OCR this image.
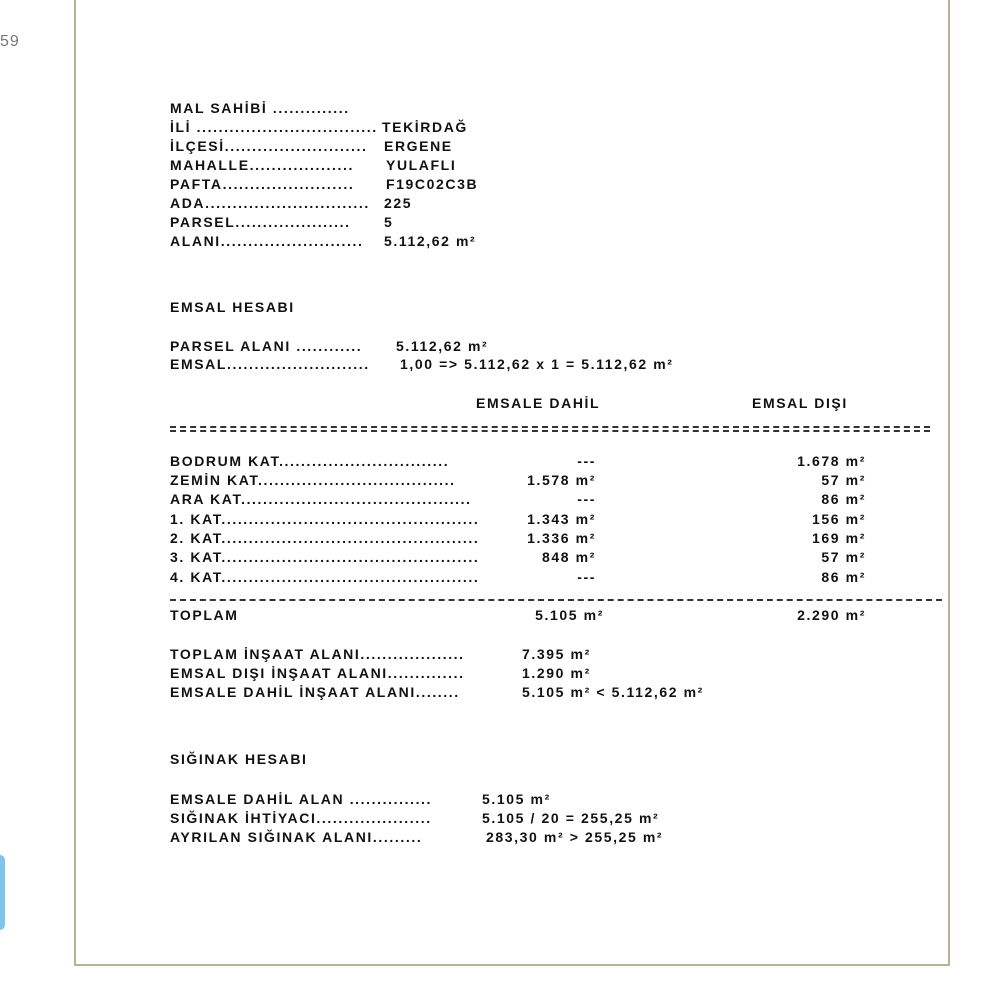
59
MAL SAHİBİ ..............
İLİ ................................. TEKİRDAĞ
İLÇESİ.......................... ERGENE
MAHALLE................... YULAFLI
PAFTA........................ F19C02C3B
ADA.............................. 225
PARSEL..................... 5
ALANI.......................... 5.112,62 m²
EMSAL HESABI
PARSEL ALANI ............ 5.112,62 m²
EMSAL.......................... 1,00 => 5.112,62 x 1 = 5.112,62 m²
EMSALE DAHİL	EMSAL DIŞI
BODRUM KAT...............................	---	1.678 m²
ZEMİN KAT....................................	1.578 m²	57 m²
ARA KAT..........................................	---	86 m²
1. KAT...............................................	1.343 m²	156 m²
2. KAT...............................................	1.336 m²	169 m²
3. KAT...............................................	848 m²	57 m²
4. KAT...............................................	---	86 m²
TOPLAM	5.105 m²	2.290 m²
TOPLAM İNŞAAT ALANI...................	7.395 m²
EMSAL DIŞI İNŞAAT ALANI..............	1.290 m²
EMSALE DAHİL İNŞAAT ALANI........	5.105 m² < 5.112,62 m²
SIĞINAK HESABI
EMSALE DAHİL ALAN ...............	5.105 m²
SIĞINAK İHTİYACI.....................	5.105 / 20 = 255,25 m²
AYRILAN SIĞINAK ALANI.........	283,30 m² > 255,25 m²
